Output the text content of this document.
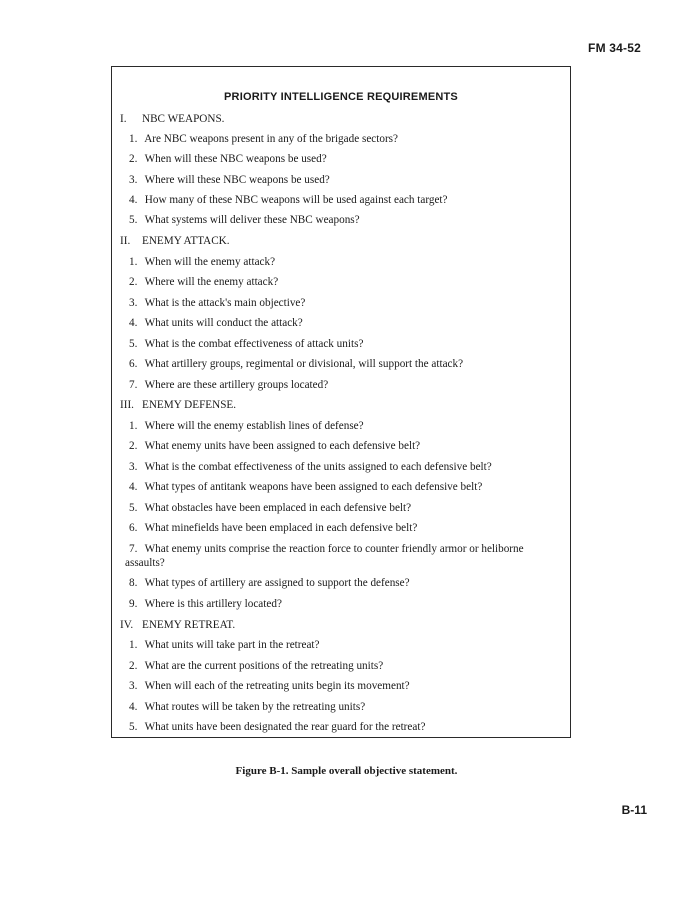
FM 34-52
PRIORITY INTELLIGENCE REQUIREMENTS
I. NBC WEAPONS.
1. Are NBC weapons present in any of the brigade sectors?
2. When will these NBC weapons be used?
3. Where will these NBC weapons be used?
4. How many of these NBC weapons will be used against each target?
5. What systems will deliver these NBC weapons?
II. ENEMY ATTACK.
1. When will the enemy attack?
2. Where will the enemy attack?
3. What is the attack's main objective?
4. What units will conduct the attack?
5. What is the combat effectiveness of attack units?
6. What artillery groups, regimental or divisional, will support the attack?
7. Where are these artillery groups located?
III. ENEMY DEFENSE.
1. Where will the enemy establish lines of defense?
2. What enemy units have been assigned to each defensive belt?
3. What is the combat effectiveness of the units assigned to each defensive belt?
4. What types of antitank weapons have been assigned to each defensive belt?
5. What obstacles have been emplaced in each defensive belt?
6. What minefields have been emplaced in each defensive belt?
7. What enemy units comprise the reaction force to counter friendly armor or heliborne assaults?
8. What types of artillery are assigned to support the defense?
9. Where is this artillery located?
IV. ENEMY RETREAT.
1. What units will take part in the retreat?
2. What are the current positions of the retreating units?
3. When will each of the retreating units begin its movement?
4. What routes will be taken by the retreating units?
5. What units have been designated the rear guard for the retreat?
Figure B-1. Sample overall objective statement.
B-11
